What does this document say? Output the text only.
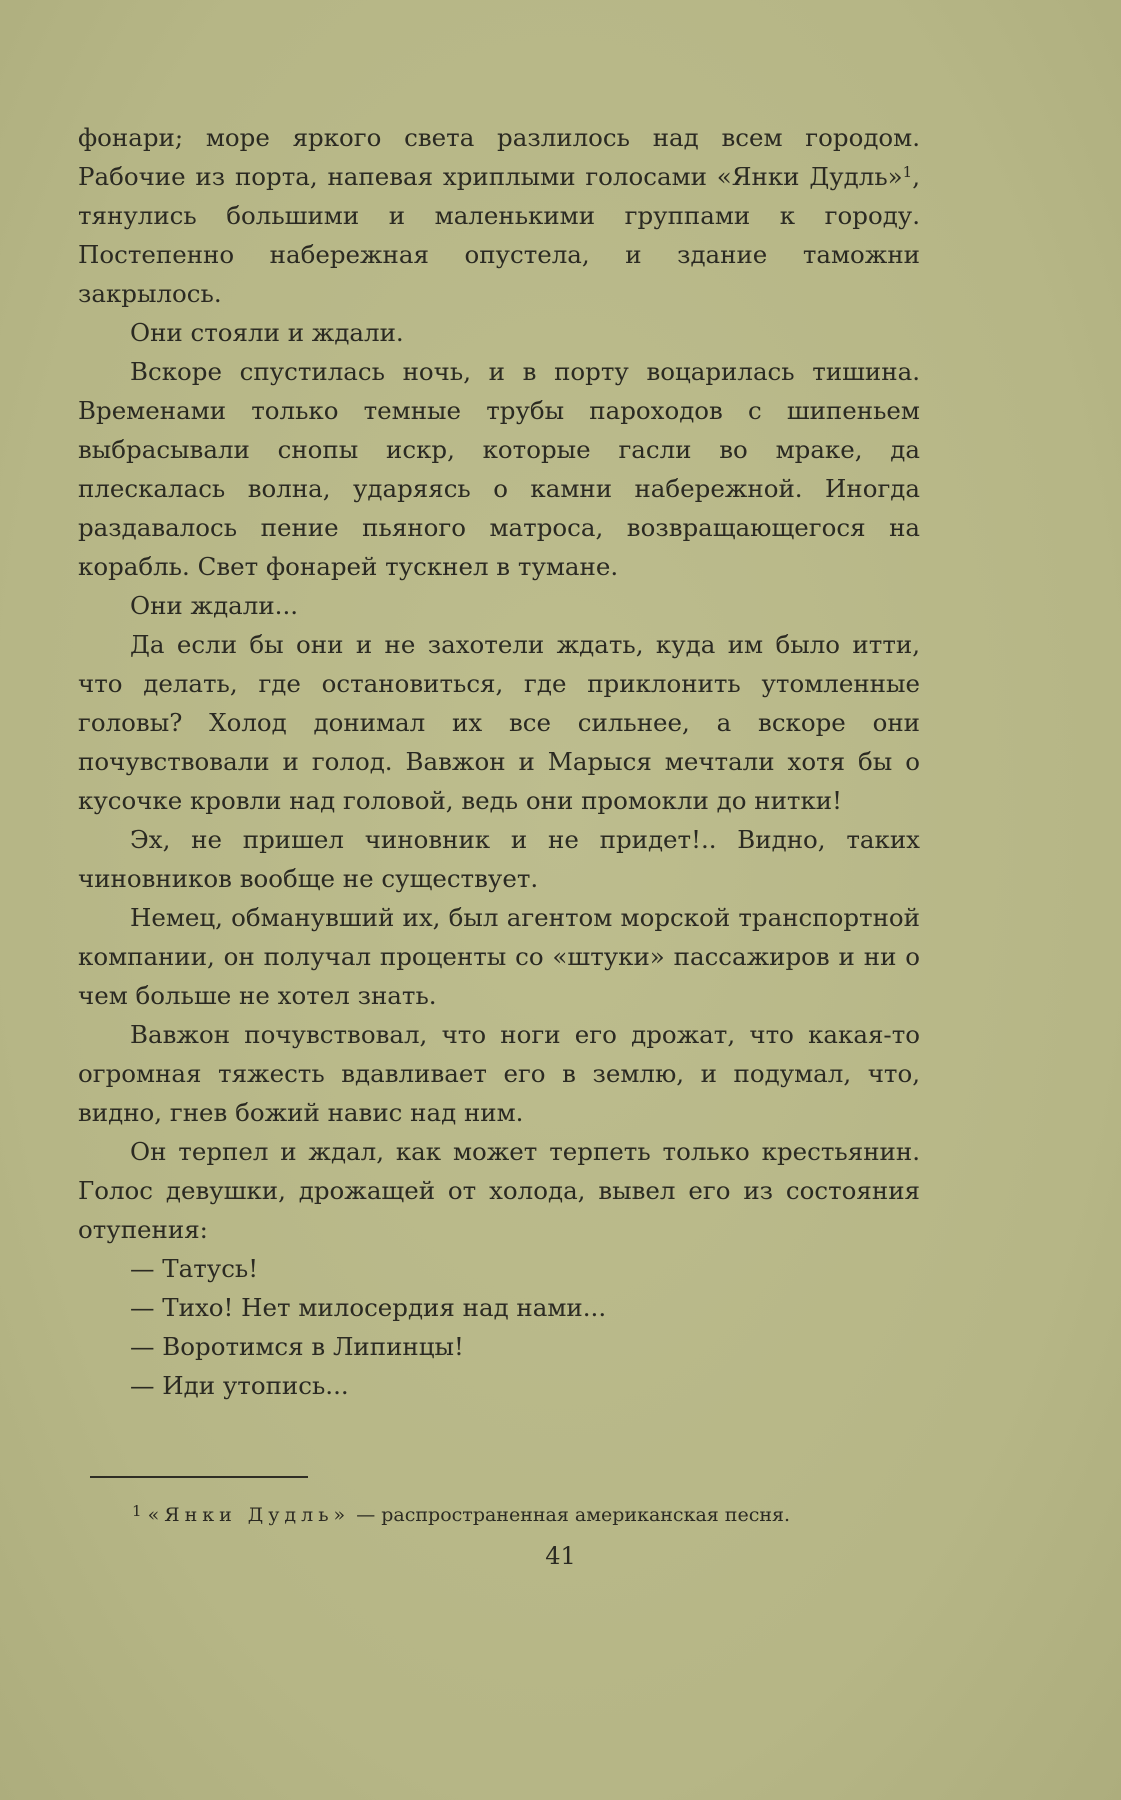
фонари; море яркого света разлилось над всем городом. Рабочие из порта, напевая хриплыми голосами «Янки Дудль»$^1$, тянулись большими и маленькими группами к городу. Постепенно набережная опустела, и здание таможни закрылось.

Они стояли и ждали.

Вскоре спустилась ночь, и в порту воцарилась тишина. Временами только темные трубы пароходов с шипеньем выбрасывали снопы искр, которые гасли во мраке, да плескалась волна, ударяясь о камни набережной. Иногда раздавалось пение пьяного матроса, возвращающегося на корабль. Свет фонарей тускнел в тумане.

Они ждали...

Да если бы они и не захотели ждать, куда им было итти, что делать, где остановиться, где приклонить утомленные головы? Холод донимал их все сильнее, а вскоре они почувствовали и голод. Вавжон и Марыся мечтали хотя бы о кусочке кровли над головой, ведь они промокли до нитки!

Эх, не пришел чиновник и не придет!.. Видно, таких чиновников вообще не существует.

Немец, обманувший их, был агентом морской транспортной компании, он получал проценты со «штуки» пассажиров и ни о чем больше не хотел знать.

Вавжон почувствовал, что ноги его дрожат, что какая-то огромная тяжесть вдавливает его в землю, и подумал, что, видно, гнев божий навис над ним.

Он терпел и ждал, как может терпеть только крестьянин. Голос девушки, дрожащей от холода, вывел его из состояния отупения:

— Татусь!

— Тихо! Нет милосердия над нами...

— Воротимся в Липинцы!

— Иди утопись...

$^1$ «Янки Дудль» — распространенная американская песня.
41
